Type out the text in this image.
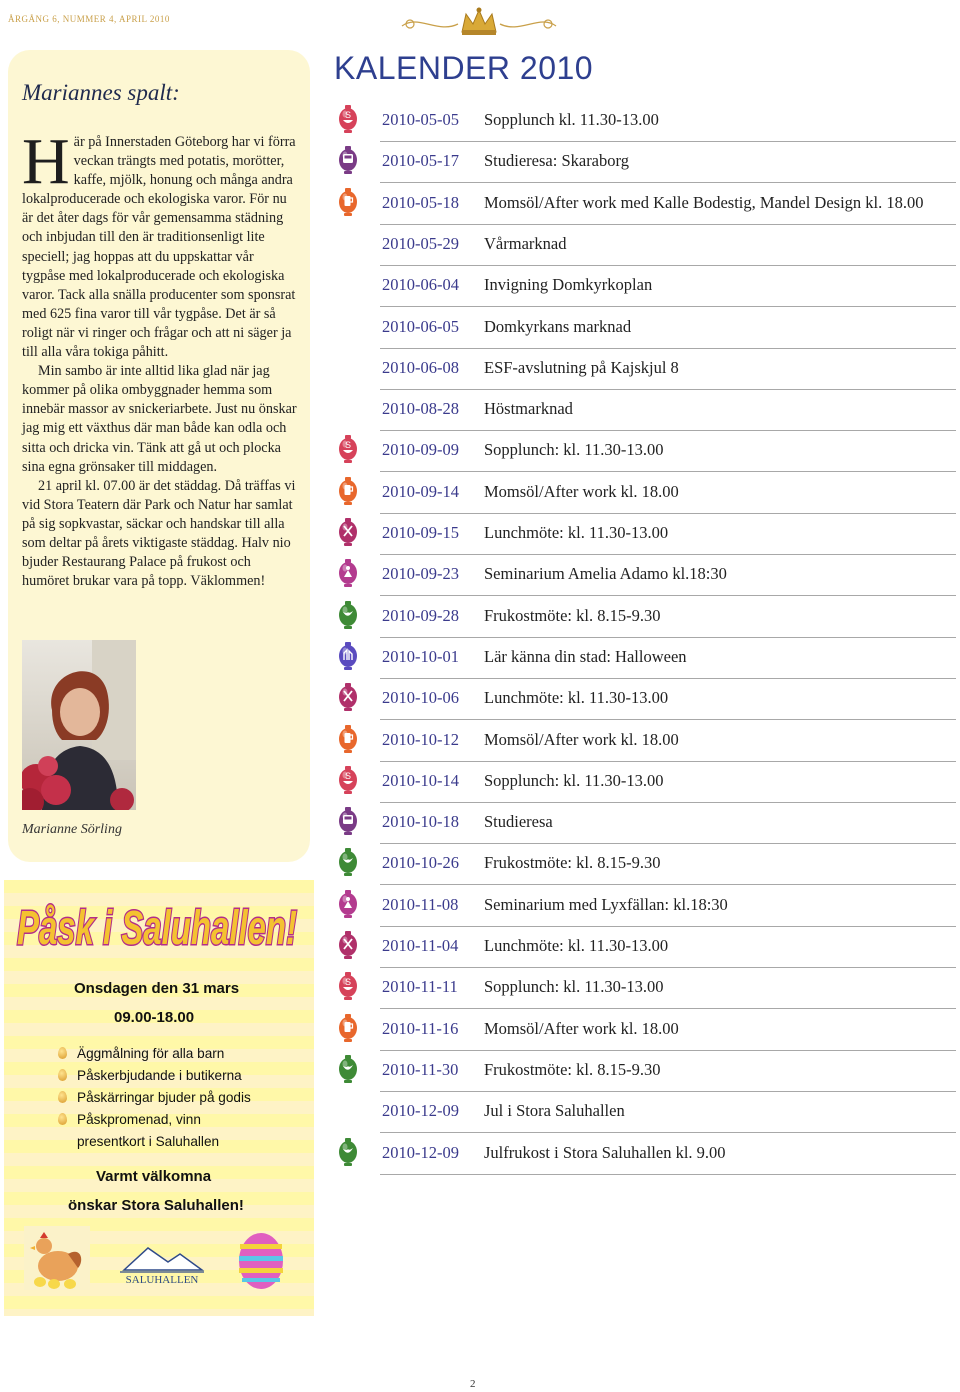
ÅRGÅNG 6, NUMMER 4, APRIL 2010
Mariannes spalt:

Här på Innerstaden Göteborg har vi förra veckan trängts med potatis, morötter, kaffe, mjölk, honung och många andra lokalproducerade och ekologiska varor. För nu är det åter dags för vår gemensamma städning och inbjudan till den är traditionsenligt lite speciell; jag hoppas att du uppskattar vår tygpåse med lokalproducerade och ekologiska varor. Tack alla snälla producenter som sponsrat med 625 fina varor till vår tygpåse. Det är så roligt när vi ringer och frågar och att ni säger ja till alla våra tokiga påhitt.

Min sambo är inte alltid lika glad när jag kommer på olika ombyggnader hemma som innebär massor av snickeriarbete. Just nu önskar jag mig ett växthus där man både kan odla och sitta och dricka vin. Tänk att gå ut och plocka sina egna grönsaker till middagen.

21 april kl. 07.00 är det städdag. Då träffas vi vid Stora Teatern där Park och Natur har samlat på sig sopkvastar, säckar och handskar till alla som deltar på årets viktigaste städdag. Halv nio bjuder Restaurang Palace på frukost och humöret brukar vara på topp. Väklommen!

Marianne Sörling
Påsk i Saluhallen!
Onsdagen den 31 mars
09.00-18.00
Äggmålning för alla barn
Påskerbjudande i butikerna
Påskärringar bjuder på godis
Påskpromenad, vinn
presentkort i Saluhallen
Varmt välkomna
önskar Stora Saluhallen!
SALUHALLEN
KALENDER 2010
S 2010-05-05 Sopplunch kl. 11.30-13.00
2010-05-17 Studieresa: Skaraborg
2010-05-18 Momsöl/After work med Kalle Bodestig, Mandel Design kl. 18.00
2010-05-29 Vårmarknad
2010-06-04 Invigning Domkyrkoplan
2010-06-05 Domkyrkans marknad
2010-06-08 ESF-avslutning på Kajskjul 8
2010-08-28 Höstmarknad
S 2010-09-09 Sopplunch: kl. 11.30-13.00
2010-09-14 Momsöl/After work kl. 18.00
2010-09-15 Lunchmöte: kl. 11.30-13.00
2010-09-23 Seminarium Amelia Adamo kl.18:30
2010-09-28 Frukostmöte: kl. 8.15-9.30
2010-10-01 Lär känna din stad: Halloween
2010-10-06 Lunchmöte: kl. 11.30-13.00
2010-10-12 Momsöl/After work kl. 18.00
S 2010-10-14 Sopplunch: kl. 11.30-13.00
2010-10-18 Studieresa
2010-10-26 Frukostmöte: kl. 8.15-9.30
2010-11-08 Seminarium med Lyxfällan: kl.18:30
2010-11-04 Lunchmöte: kl. 11.30-13.00
S 2010-11-11 Sopplunch: kl. 11.30-13.00
2010-11-16 Momsöl/After work kl. 18.00
2010-11-30 Frukostmöte: kl. 8.15-9.30
2010-12-09 Jul i Stora Saluhallen
2010-12-09 Julfrukost i Stora Saluhallen kl. 9.00
2
